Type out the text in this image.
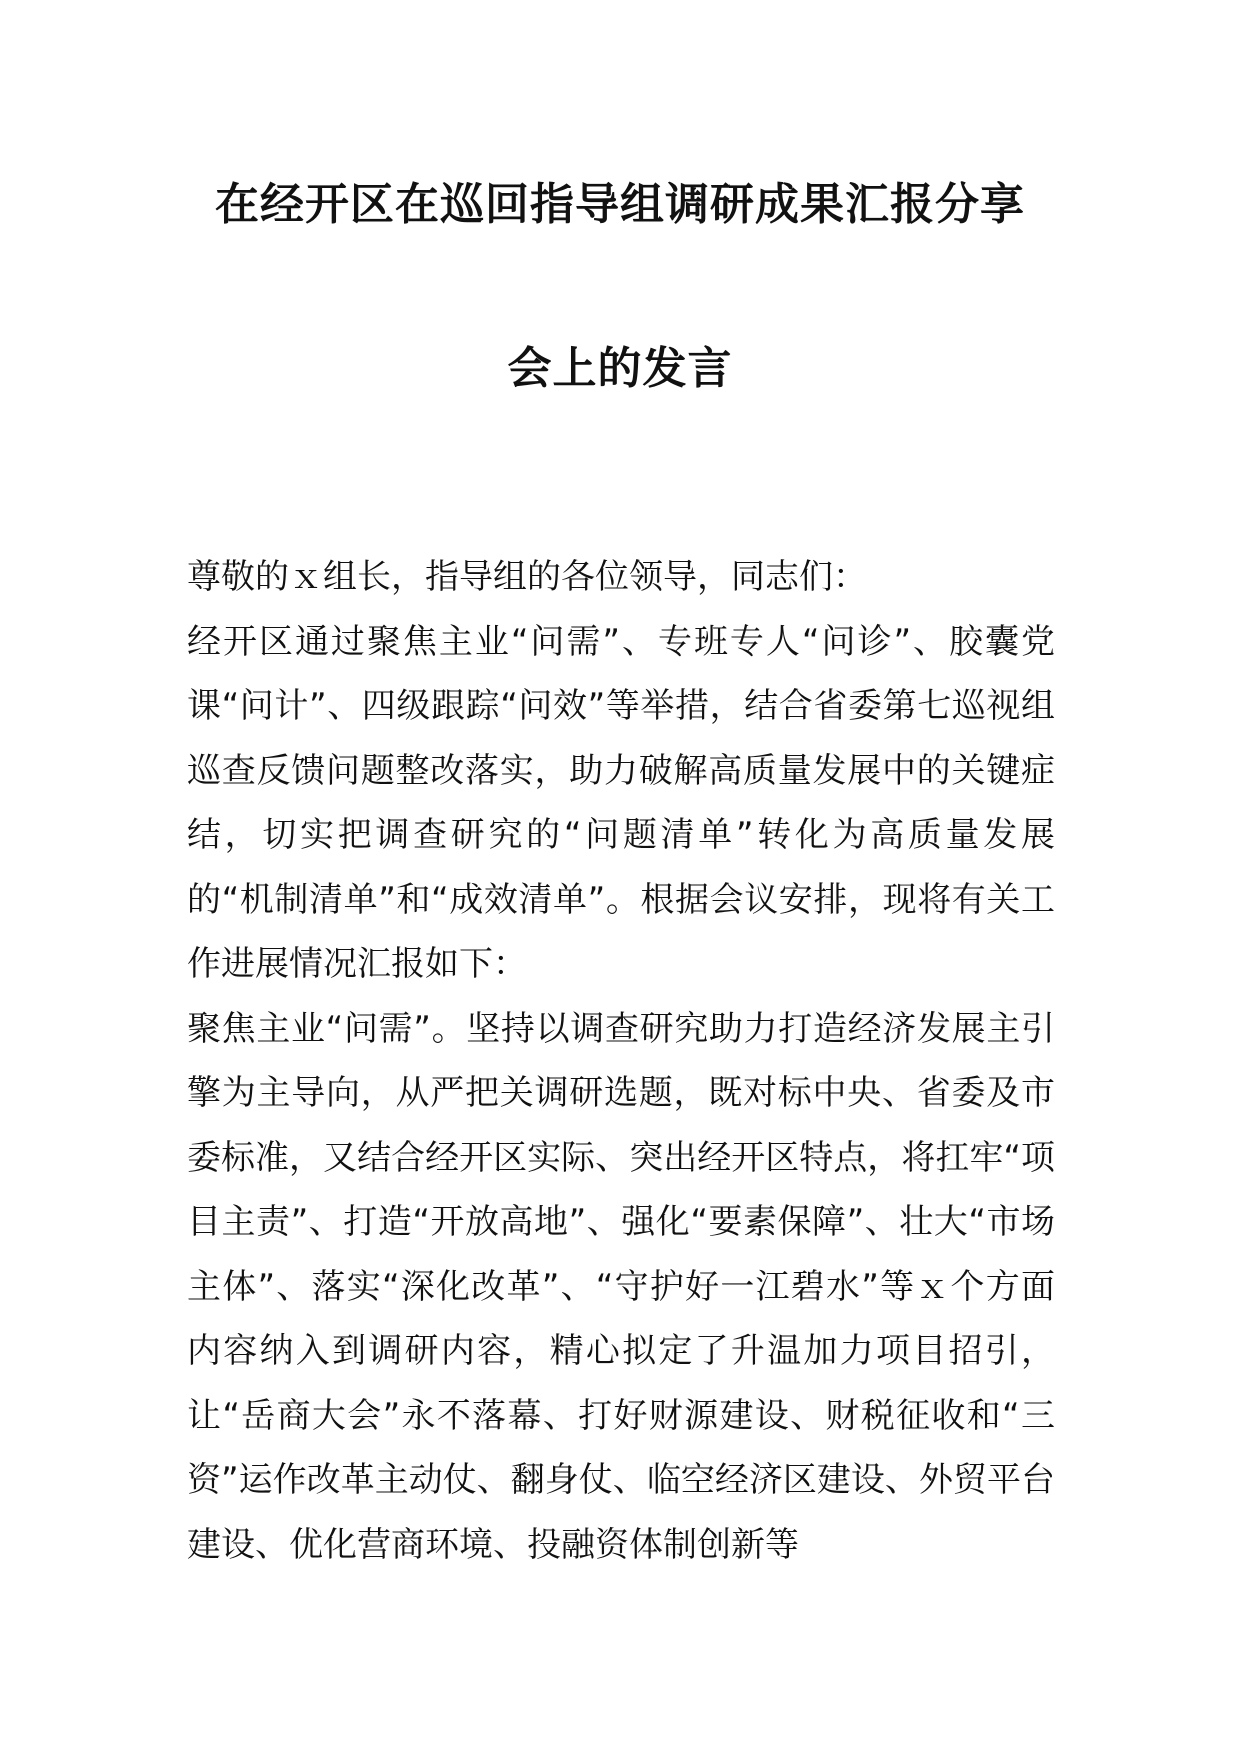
在经开区在巡回指导组调研成果汇报分享
会上的发言

尊敬的ｘ组长，指导组的各位领导，同志们：

经开区通过聚焦主业“问需”、专班专人“问诊”、胶囊党课“问计”、四级跟踪“问效”等举措，结合省委第七巡视组巡查反馈问题整改落实，助力破解高质量发展中的关键症结，切实把调查研究的“问题清单”转化为高质量发展的“机制清单”和“成效清单”。根据会议安排，现将有关工作进展情况汇报如下：

聚焦主业“问需”。坚持以调查研究助力打造经济发展主引擎为主导向，从严把关调研选题，既对标中央、省委及市委标准，又结合经开区实际、突出经开区特点，将扛牢“项目主责”、打造“开放高地”、强化“要素保障”、壮大“市场主体”、落实“深化改革”、“守护好一江碧水”等ｘ个方面内容纳入到调研内容，精心拟定了升温加力项目招引，让“岳商大会”永不落幕、打好财源建设、财税征收和“三资”运作改革主动仗、翻身仗、临空经济区建设、外贸平台建设、优化营商环境、投融资体制创新等
